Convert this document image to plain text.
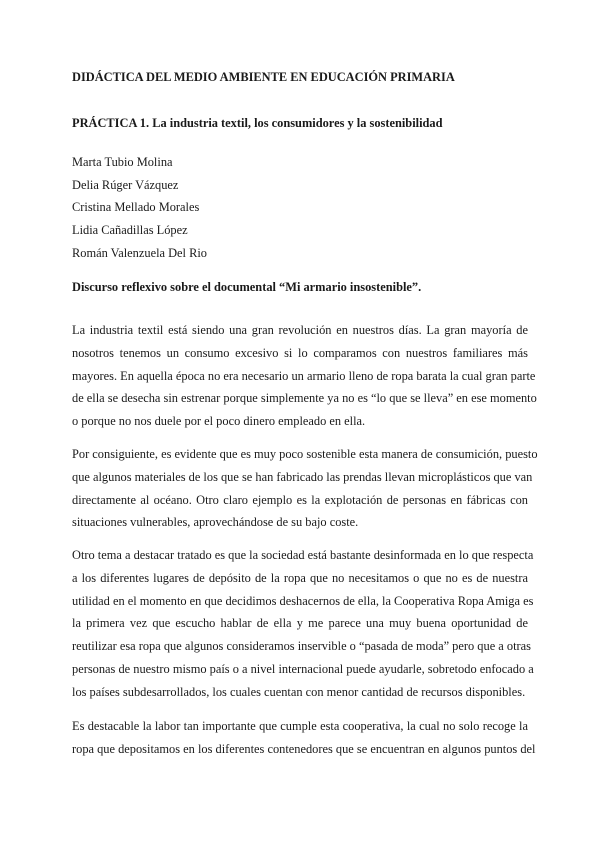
DIDÁCTICA DEL MEDIO AMBIENTE EN EDUCACIÓN PRIMARIA
PRÁCTICA 1. La industria textil, los consumidores y la sostenibilidad
Marta Tubio Molina
Delia Rúger Vázquez
Cristina Mellado Morales
Lidia Cañadillas López
Román Valenzuela Del Rio
Discurso reflexivo sobre el documental “Mi armario insostenible”.
La industria textil está siendo una gran revolución en nuestros días. La gran mayoría de
nosotros tenemos un consumo excesivo si lo comparamos con nuestros familiares más
mayores. En aquella época no era necesario un armario lleno de ropa barata la cual gran parte
de ella se desecha sin estrenar porque simplemente ya no es “lo que se lleva” en ese momento
o porque no nos duele por el poco dinero empleado en ella.
Por consiguiente, es evidente que es muy poco sostenible esta manera de consumición, puesto
que algunos materiales de los que se han fabricado las prendas llevan microplásticos que van
directamente al océano. Otro claro ejemplo es la explotación de personas en fábricas con
situaciones vulnerables, aprovechándose de su bajo coste.
Otro tema a destacar tratado es que la sociedad está bastante desinformada en lo que respecta
a los diferentes lugares de depósito de la ropa que no necesitamos o que no es de nuestra
utilidad en el momento en que decidimos deshacernos de ella, la Cooperativa Ropa Amiga es
la primera vez que escucho hablar de ella y me parece una muy buena oportunidad de
reutilizar esa ropa que algunos consideramos inservible o “pasada de moda” pero que a otras
personas de nuestro mismo país o a nivel internacional puede ayudarle, sobretodo enfocado a
los países subdesarrollados, los cuales cuentan con menor cantidad de recursos disponibles.
Es destacable la labor tan importante que cumple esta cooperativa, la cual no solo recoge la
ropa que depositamos en los diferentes contenedores que se encuentran en algunos puntos del
